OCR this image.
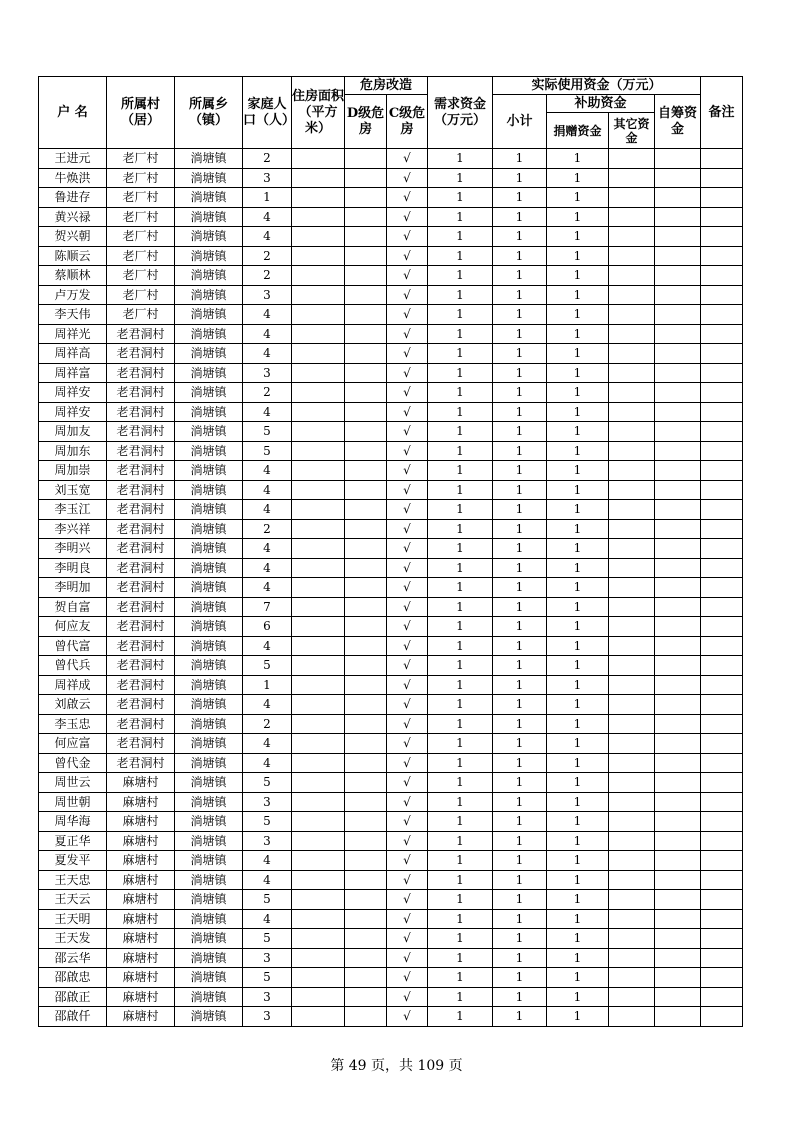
户 名	所属村（居）	所属乡（镇）	家庭人口（人）	住房面积（平方米）	危房改造		需求资金（万元）	实际使用资金（万元）				备注
					D级危房	C级危房		小计	补助资金		自筹资金	
									捐赠资金	其它资金		
王进元	老厂村	淌塘镇	2			√	1	1	1			
牛焕洪	老厂村	淌塘镇	3			√	1	1	1			
鲁进存	老厂村	淌塘镇	1			√	1	1	1			
黄兴禄	老厂村	淌塘镇	4			√	1	1	1			
贺兴朝	老厂村	淌塘镇	4			√	1	1	1			
陈顺云	老厂村	淌塘镇	2			√	1	1	1			
蔡顺林	老厂村	淌塘镇	2			√	1	1	1			
卢万发	老厂村	淌塘镇	3			√	1	1	1			
李天伟	老厂村	淌塘镇	4			√	1	1	1			
周祥光	老君洞村	淌塘镇	4			√	1	1	1			
周祥高	老君洞村	淌塘镇	4			√	1	1	1			
周祥富	老君洞村	淌塘镇	3			√	1	1	1			
周祥安	老君洞村	淌塘镇	2			√	1	1	1			
周祥安	老君洞村	淌塘镇	4			√	1	1	1			
周加友	老君洞村	淌塘镇	5			√	1	1	1			
周加东	老君洞村	淌塘镇	5			√	1	1	1			
周加崇	老君洞村	淌塘镇	4			√	1	1	1			
刘玉宽	老君洞村	淌塘镇	4			√	1	1	1			
李玉江	老君洞村	淌塘镇	4			√	1	1	1			
李兴祥	老君洞村	淌塘镇	2			√	1	1	1			
李明兴	老君洞村	淌塘镇	4			√	1	1	1			
李明良	老君洞村	淌塘镇	4			√	1	1	1			
李明加	老君洞村	淌塘镇	4			√	1	1	1			
贺自富	老君洞村	淌塘镇	7			√	1	1	1			
何应友	老君洞村	淌塘镇	6			√	1	1	1			
曾代富	老君洞村	淌塘镇	4			√	1	1	1			
曾代兵	老君洞村	淌塘镇	5			√	1	1	1			
周祥成	老君洞村	淌塘镇	1			√	1	1	1			
刘啟云	老君洞村	淌塘镇	4			√	1	1	1			
李玉忠	老君洞村	淌塘镇	2			√	1	1	1			
何应富	老君洞村	淌塘镇	4			√	1	1	1			
曾代金	老君洞村	淌塘镇	4			√	1	1	1			
周世云	麻塘村	淌塘镇	5			√	1	1	1			
周世朝	麻塘村	淌塘镇	3			√	1	1	1			
周华海	麻塘村	淌塘镇	5			√	1	1	1			
夏正华	麻塘村	淌塘镇	3			√	1	1	1			
夏发平	麻塘村	淌塘镇	4			√	1	1	1			
王天忠	麻塘村	淌塘镇	4			√	1	1	1			
王天云	麻塘村	淌塘镇	5			√	1	1	1			
王天明	麻塘村	淌塘镇	4			√	1	1	1			
王天发	麻塘村	淌塘镇	5			√	1	1	1			
邵云华	麻塘村	淌塘镇	3			√	1	1	1			
邵啟忠	麻塘村	淌塘镇	5			√	1	1	1			
邵啟正	麻塘村	淌塘镇	3			√	1	1	1			
邵啟仟	麻塘村	淌塘镇	3			√	1	1	1			
第 49 页，共 109 页
